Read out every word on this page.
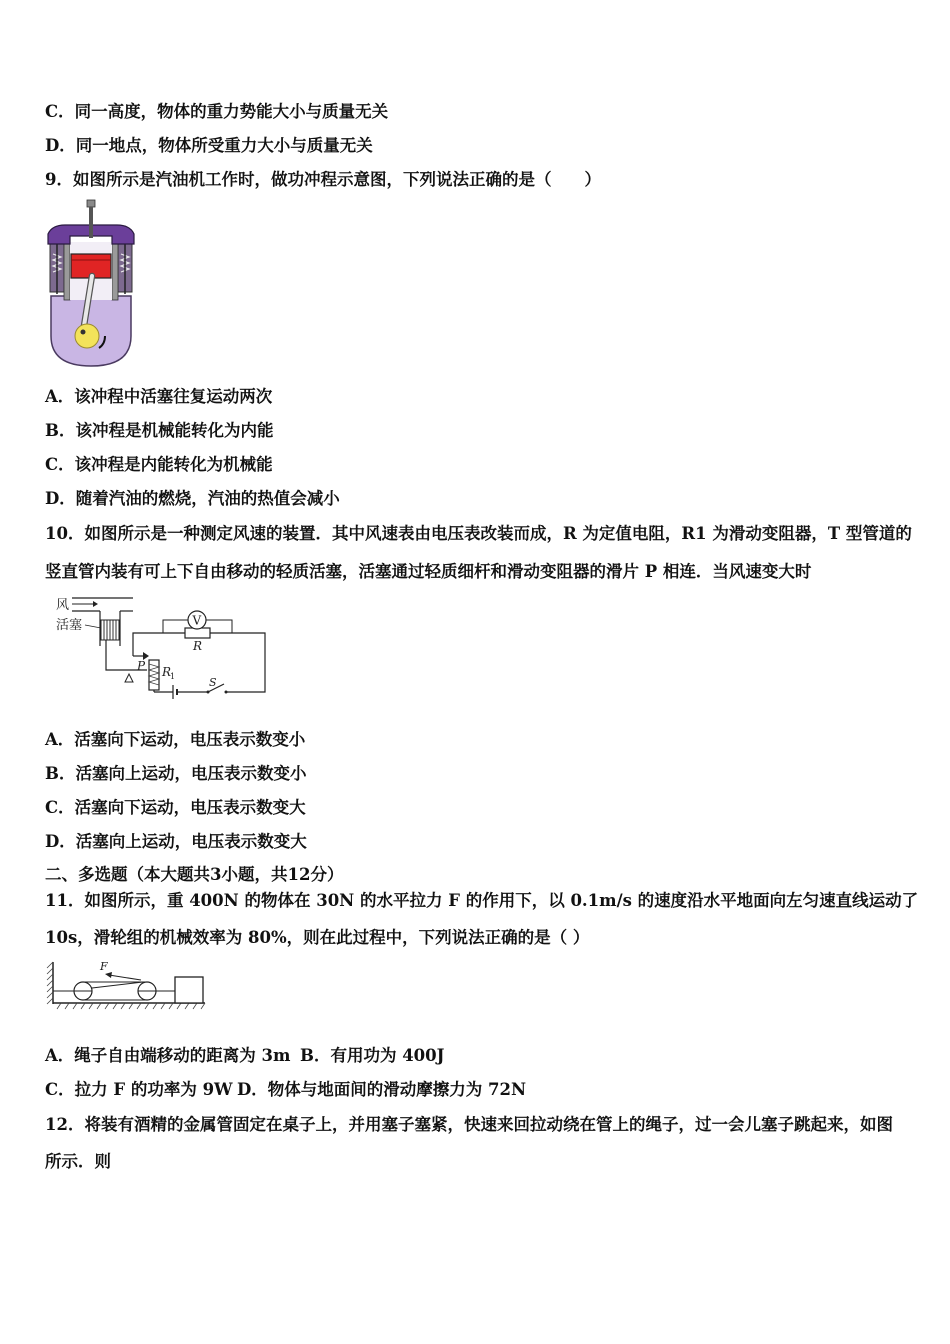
C．同一高度，物体的重力势能大小与质量无关
D．同一地点，物体所受重力大小与质量无关
9．如图所示是汽油机工作时，做功冲程示意图，下列说法正确的是（　　）
A．该冲程中活塞往复运动两次
B．该冲程是机械能转化为内能
C．该冲程是内能转化为机械能
D．随着汽油的燃烧，汽油的热值会减小
10．如图所示是一种测定风速的装置．其中风速表由电压表改装而成，R 为定值电阻，R1 为滑动变阻器，T 型管道的
竖直管内装有可上下自由移动的轻质活塞，活塞通过轻质细杆和滑动变阻器的滑片 P 相连．当风速变大时
风
活塞
R
V
P R
1	S
A．活塞向下运动，电压表示数变小
B．活塞向上运动，电压表示数变小
C．活塞向下运动，电压表示数变大
D．活塞向上运动，电压表示数变大
二、多选题（本大题共3小题，共12分）
11．如图所示，重 400N 的物体在 30N 的水平拉力 F 的作用下，以 0.1m/s 的速度沿水平地面向左匀速直线运动了
10s，滑轮组的机械效率为 80%，则在此过程中，下列说法正确的是（ ）
F
A．绳子自由端移动的距离为 3m B．有用功为 400J
C．拉力 F 的功率为 9W D．物体与地面间的滑动摩擦力为 72N
12．将装有酒精的金属管固定在桌子上，并用塞子塞紧，快速来回拉动绕在管上的绳子，过一会儿塞子跳起来，如图
所示．则
